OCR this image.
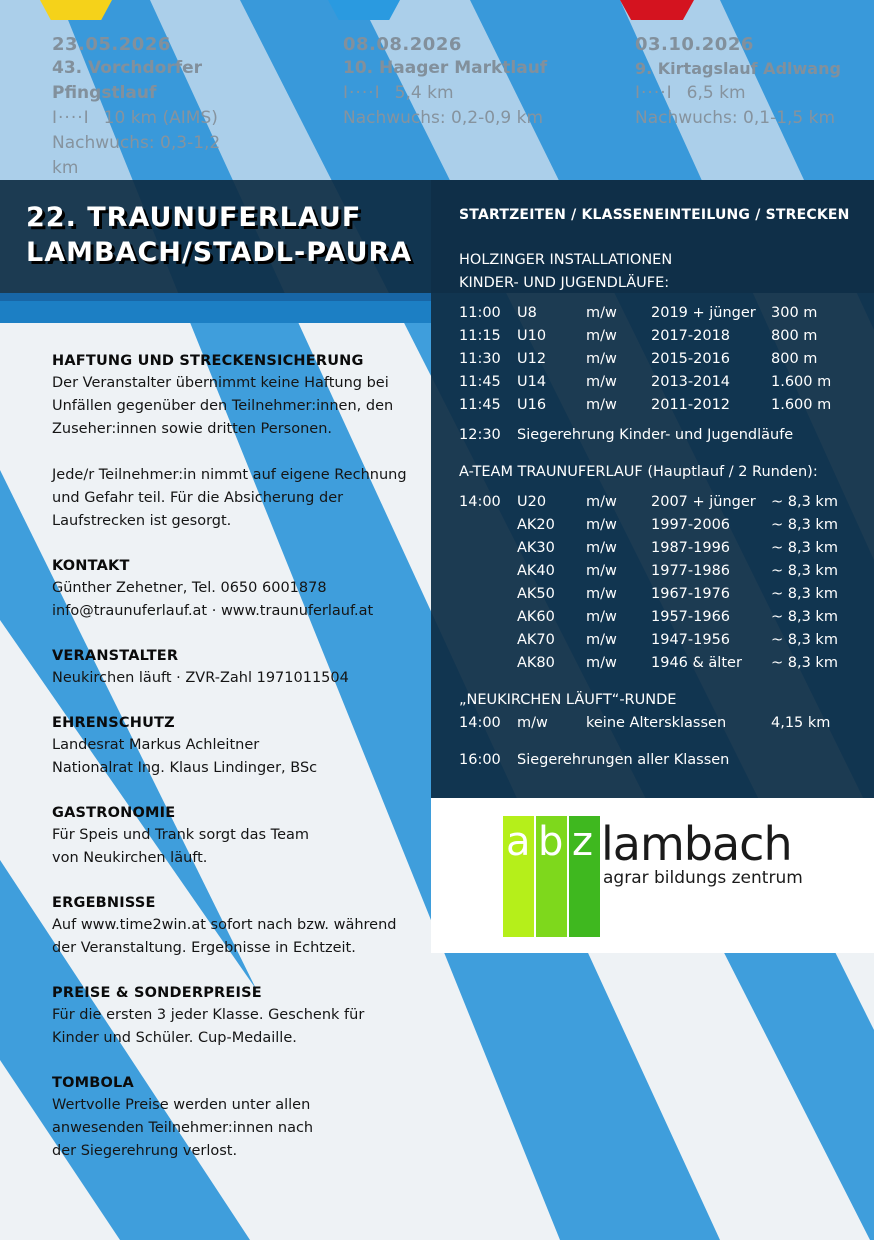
23.05.2026
43. Vorchdorfer Pfingstlauf
I····I 10 km (AIMS)
Nachwuchs: 0,3-1,2 km
08.08.2026
10. Haager Marktlauf
I····I 5,4 km
Nachwuchs: 0,2-0,9 km
03.10.2026
9. Kirtagslauf Adlwang
I····I 6,5 km
Nachwuchs: 0,1-1,5 km
22. TRAUNUFERLAUF
LAMBACH/STADL-PAURA
HAFTUNG UND STRECKENSICHERUNG

Der Veranstalter übernimmt keine Haftung bei Unfällen gegenüber den Teilnehmer:innen, den Zuseher:innen sowie dritten Personen.

Jede/r Teilnehmer:in nimmt auf eigene Rechnung und Gefahr teil. Für die Absicherung der Laufstrecken ist gesorgt.

KONTAKT

Günther Zehetner, Tel. 0650 6001878
info@traunuferlauf.at · www.traunuferlauf.at

VERANSTALTER

Neukirchen läuft · ZVR-Zahl 1971011504

EHRENSCHUTZ

Landesrat Markus Achleitner
Nationalrat Ing. Klaus Lindinger, BSc

GASTRONOMIE

Für Speis und Trank sorgt das Team
von Neukirchen läuft.

ERGEBNISSE

Auf www.time2win.at sofort nach bzw. während der Veranstaltung. Ergebnisse in Echtzeit.

PREISE & SONDERPREISE

Für die ersten 3 jeder Klasse. Geschenk für Kinder und Schüler. Cup-Medaille.

TOMBOLA

Wertvolle Preise werden unter allen
anwesenden Teilnehmer:innen nach
der Siegerehrung verlost.

STARTZEITEN / KLASSENEINTEILUNG / STRECKEN
HOLZINGER INSTALLATIONEN
KINDER- UND JUGENDLÄUFE:
11:00 U8	m/w 2019 + jünger 300 m
11:15 U10	m/w 2017-2018	800 m
11:30 U12	m/w 2015-2016	800 m
11:45 U14	m/w 2013-2014	1.600 m
11:45 U16	m/w 2011-2012	1.600 m
12:30 Siegerehrung Kinder- und Jugendläufe
A-TEAM TRAUNUFERLAUF (Hauptlauf / 2 Runden):
14:00 U20	m/w 2007 + jünger ~ 8,3 km
AK20 m/w 1997-2006	~ 8,3 km
AK30 m/w 1987-1996	~ 8,3 km
AK40 m/w 1977-1986	~ 8,3 km
AK50 m/w 1967-1976	~ 8,3 km
AK60 m/w 1957-1966	~ 8,3 km
AK70 m/w 1947-1956	~ 8,3 km
AK80 m/w 1946 & älter ~ 8,3 km
„NEUKIRCHEN LÄUFT“-RUNDE
14:00 m/w	keine Altersklassen	4,15 km
16:00 Siegerehrungen aller Klassen
a b z lambach
agrar bildungs zentrum
